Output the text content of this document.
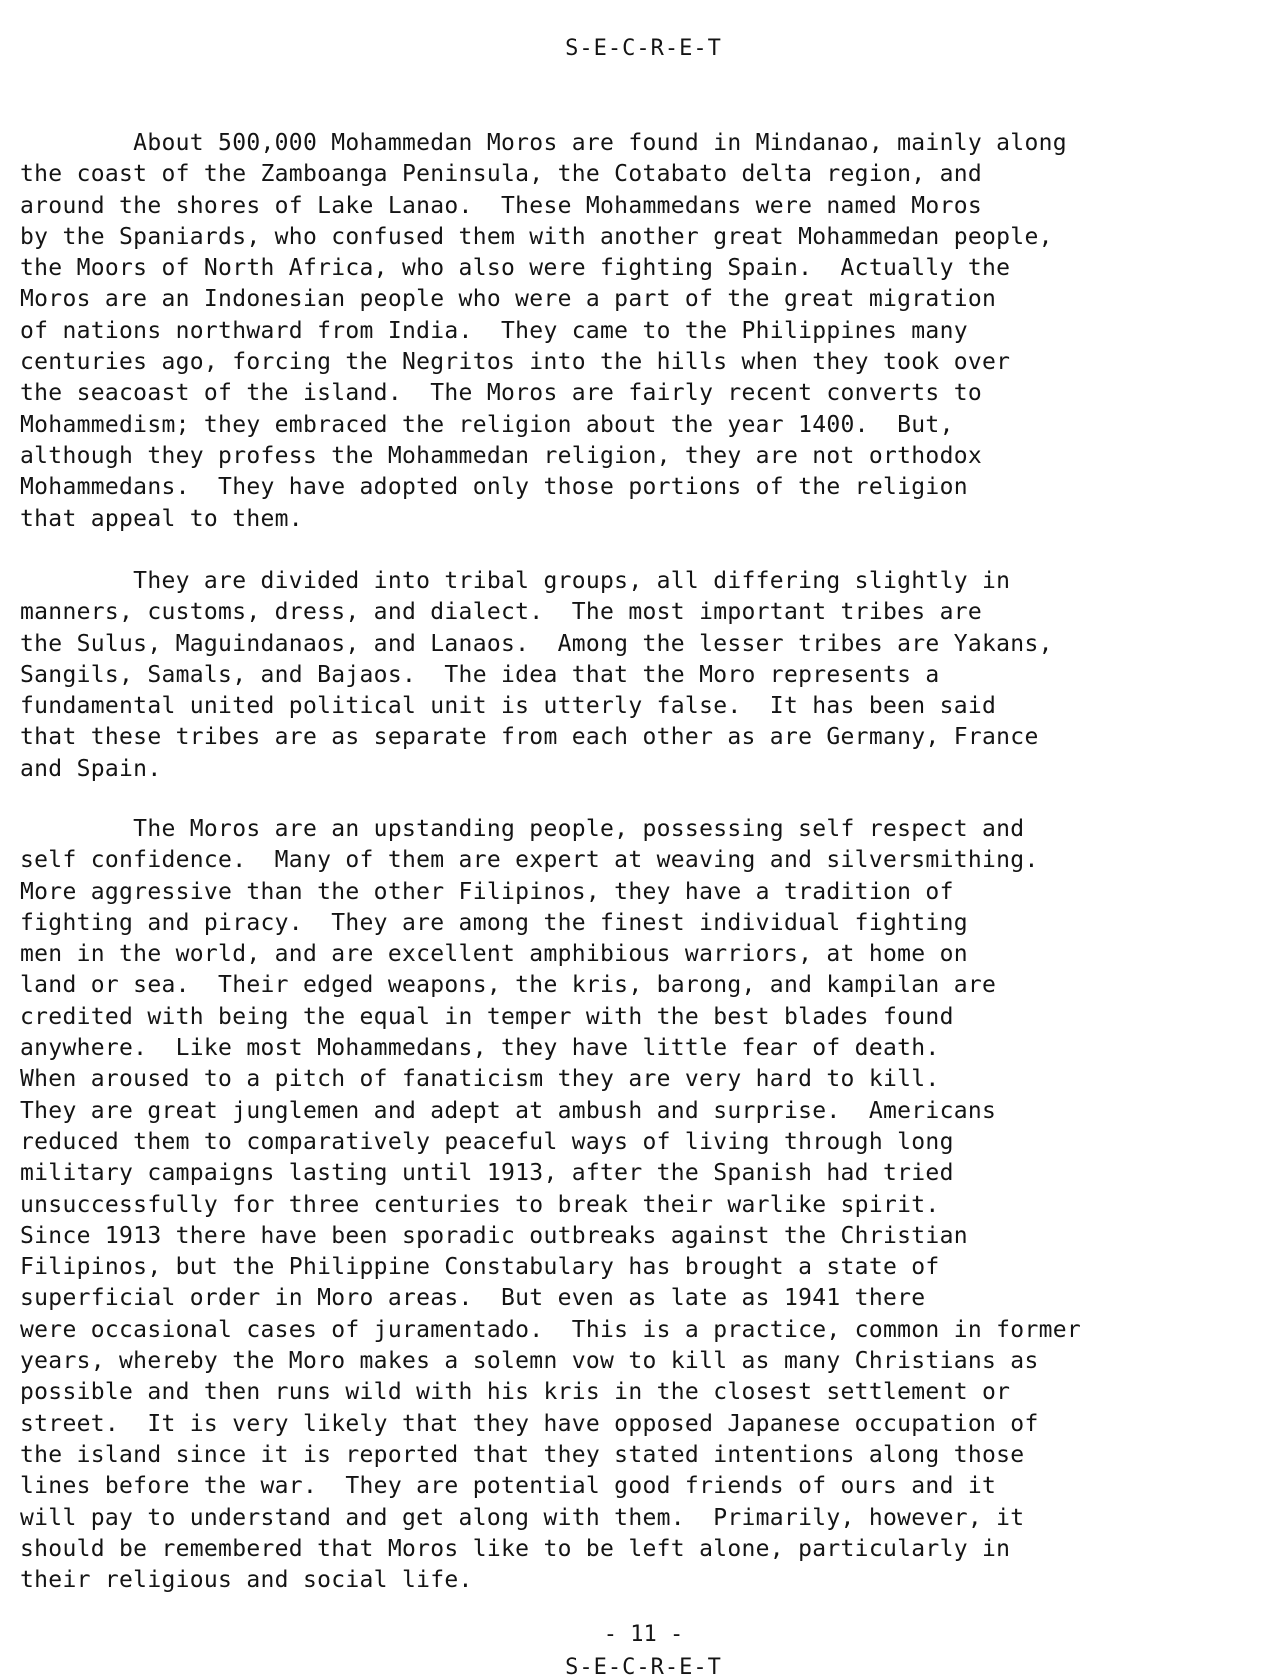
S-E-C-R-E-T
About 500,000 Mohammedan Moros are found in Mindanao, mainly along
the coast of the Zamboanga Peninsula, the Cotabato delta region, and
around the shores of Lake Lanao.  These Mohammedans were named Moros
by the Spaniards, who confused them with another great Mohammedan people,
the Moors of North Africa, who also were fighting Spain.  Actually the
Moros are an Indonesian people who were a part of the great migration
of nations northward from India.  They came to the Philippines many
centuries ago, forcing the Negritos into the hills when they took over
the seacoast of the island.  The Moros are fairly recent converts to
Mohammedism; they embraced the religion about the year 1400.  But,
although they profess the Mohammedan religion, they are not orthodox
Mohammedans.  They have adopted only those portions of the religion
that appeal to them.
They are divided into tribal groups, all differing slightly in
manners, customs, dress, and dialect.  The most important tribes are
the Sulus, Maguindanaos, and Lanaos.  Among the lesser tribes are Yakans,
Sangils, Samals, and Bajaos.  The idea that the Moro represents a
fundamental united political unit is utterly false.  It has been said
that these tribes are as separate from each other as are Germany, France
and Spain.
The Moros are an upstanding people, possessing self respect and
self confidence.  Many of them are expert at weaving and silversmithing.
More aggressive than the other Filipinos, they have a tradition of
fighting and piracy.  They are among the finest individual fighting
men in the world, and are excellent amphibious warriors, at home on
land or sea.  Their edged weapons, the kris, barong, and kampilan are
credited with being the equal in temper with the best blades found
anywhere.  Like most Mohammedans, they have little fear of death.
When aroused to a pitch of fanaticism they are very hard to kill.
They are great junglemen and adept at ambush and surprise.  Americans
reduced them to comparatively peaceful ways of living through long
military campaigns lasting until 1913, after the Spanish had tried
unsuccessfully for three centuries to break their warlike spirit.
Since 1913 there have been sporadic outbreaks against the Christian
Filipinos, but the Philippine Constabulary has brought a state of
superficial order in Moro areas.  But even as late as 1941 there
were occasional cases of juramentado.  This is a practice, common in former
years, whereby the Moro makes a solemn vow to kill as many Christians as
possible and then runs wild with his kris in the closest settlement or
street.  It is very likely that they have opposed Japanese occupation of
the island since it is reported that they stated intentions along those
lines before the war.  They are potential good friends of ours and it
will pay to understand and get along with them.  Primarily, however, it
should be remembered that Moros like to be left alone, particularly in
their religious and social life.
- 11 -
S-E-C-R-E-T
